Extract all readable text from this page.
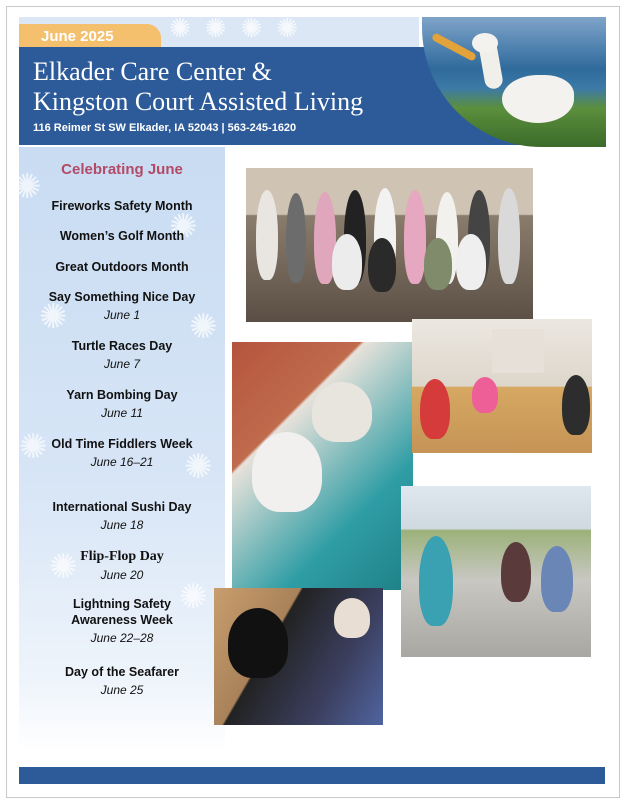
✺✺✺✺
June 2025
Elkader Care Center &
Kingston Court Assisted Living
116 Reimer St SW Elkader, IA 52043 | 563-245-1620
✺
✺
✺	✺
✺
✺
✺
✺
Celebrating June
Fireworks Safety Month
Women’s Golf Month
Great Outdoors Month
Say Something Nice Day
June 1
Turtle Races Day
June 7
Yarn Bombing Day
June 11
Old Time Fiddlers Week
June 16–21
International Sushi Day
June 18
Flip-Flop Day
June 20
Lightning Safety Awareness Week
June 22–28
Day of the Seafarer
June 25
